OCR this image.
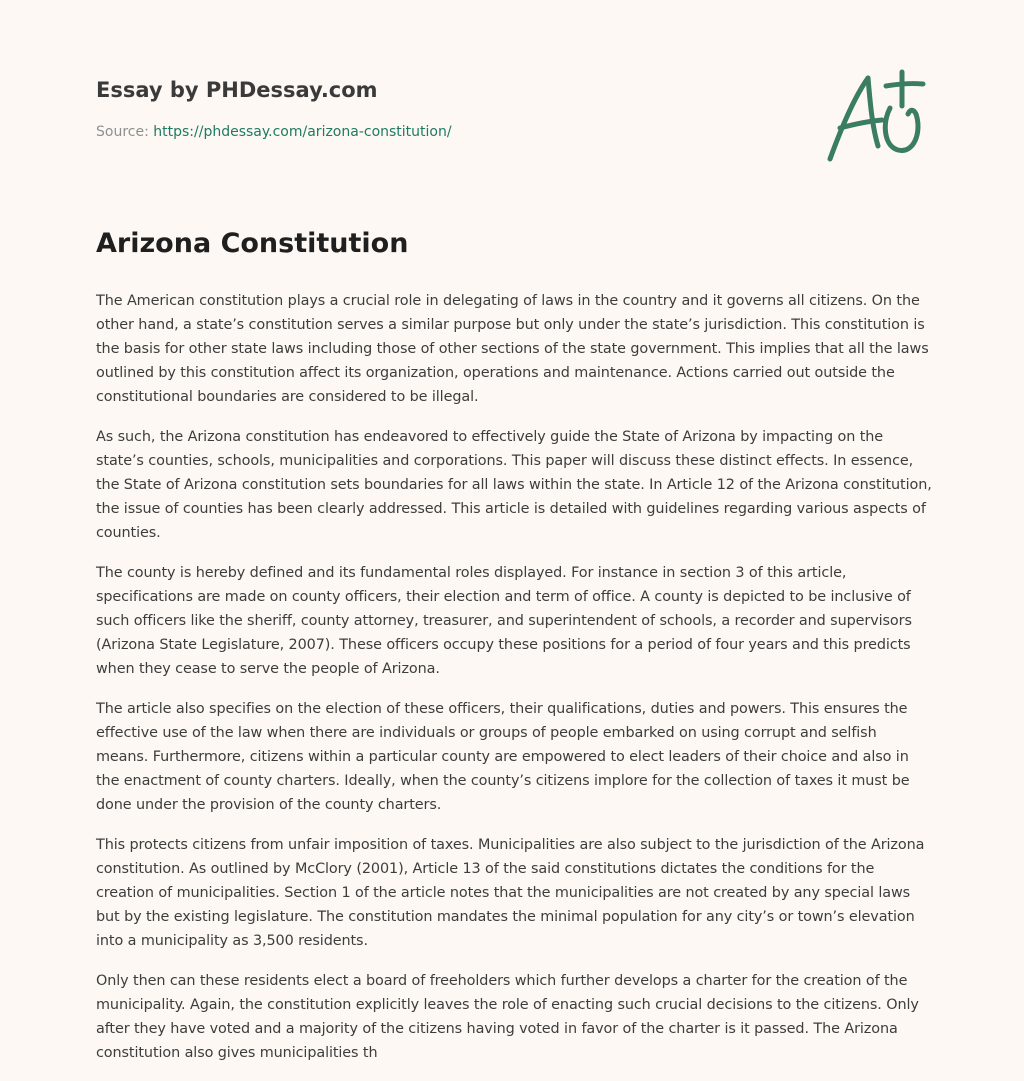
Essay by PHDessay.com
Source: https://phdessay.com/arizona-constitution/
Arizona Constitution

The American constitution plays a crucial role in delegating of laws in the country and it governs all citizens. On the other hand, a state’s constitution serves a similar purpose but only under the state’s jurisdiction. This constitution is the basis for other state laws including those of other sections of the state government. This implies that all the laws outlined by this constitution affect its organization, operations and maintenance. Actions carried out outside the constitutional boundaries are considered to be illegal.

As such, the Arizona constitution has endeavored to effectively guide the State of Arizona by impacting on the state’s counties, schools, municipalities and corporations. This paper will discuss these distinct effects. In essence, the State of Arizona constitution sets boundaries for all laws within the state. In Article 12 of the Arizona constitution, the issue of counties has been clearly addressed. This article is detailed with guidelines regarding various aspects of counties.

The county is hereby defined and its fundamental roles displayed. For instance in section 3 of this article, specifications are made on county officers, their election and term of office. A county is depicted to be inclusive of such officers like the sheriff, county attorney, treasurer, and superintendent of schools, a recorder and supervisors (Arizona State Legislature, 2007). These officers occupy these positions for a period of four years and this predicts when they cease to serve the people of Arizona.

The article also specifies on the election of these officers, their qualifications, duties and powers. This ensures the effective use of the law when there are individuals or groups of people embarked on using corrupt and selfish means. Furthermore, citizens within a particular county are empowered to elect leaders of their choice and also in the enactment of county charters. Ideally, when the county’s citizens implore for the collection of taxes it must be done under the provision of the county charters.

This protects citizens from unfair imposition of taxes. Municipalities are also subject to the jurisdiction of the Arizona constitution. As outlined by McClory (2001), Article 13 of the said constitutions dictates the conditions for the creation of municipalities. Section 1 of the article notes that the municipalities are not created by any special laws but by the existing legislature. The constitution mandates the minimal population for any city’s or town’s elevation into a municipality as 3,500 residents.

Only then can these residents elect a board of freeholders which further develops a charter for the creation of the municipality. Again, the constitution explicitly leaves the role of enacting such crucial decisions to the citizens. Only after they have voted and a majority of the citizens having voted in favor of the charter is it passed. The Arizona constitution also gives municipalities th
